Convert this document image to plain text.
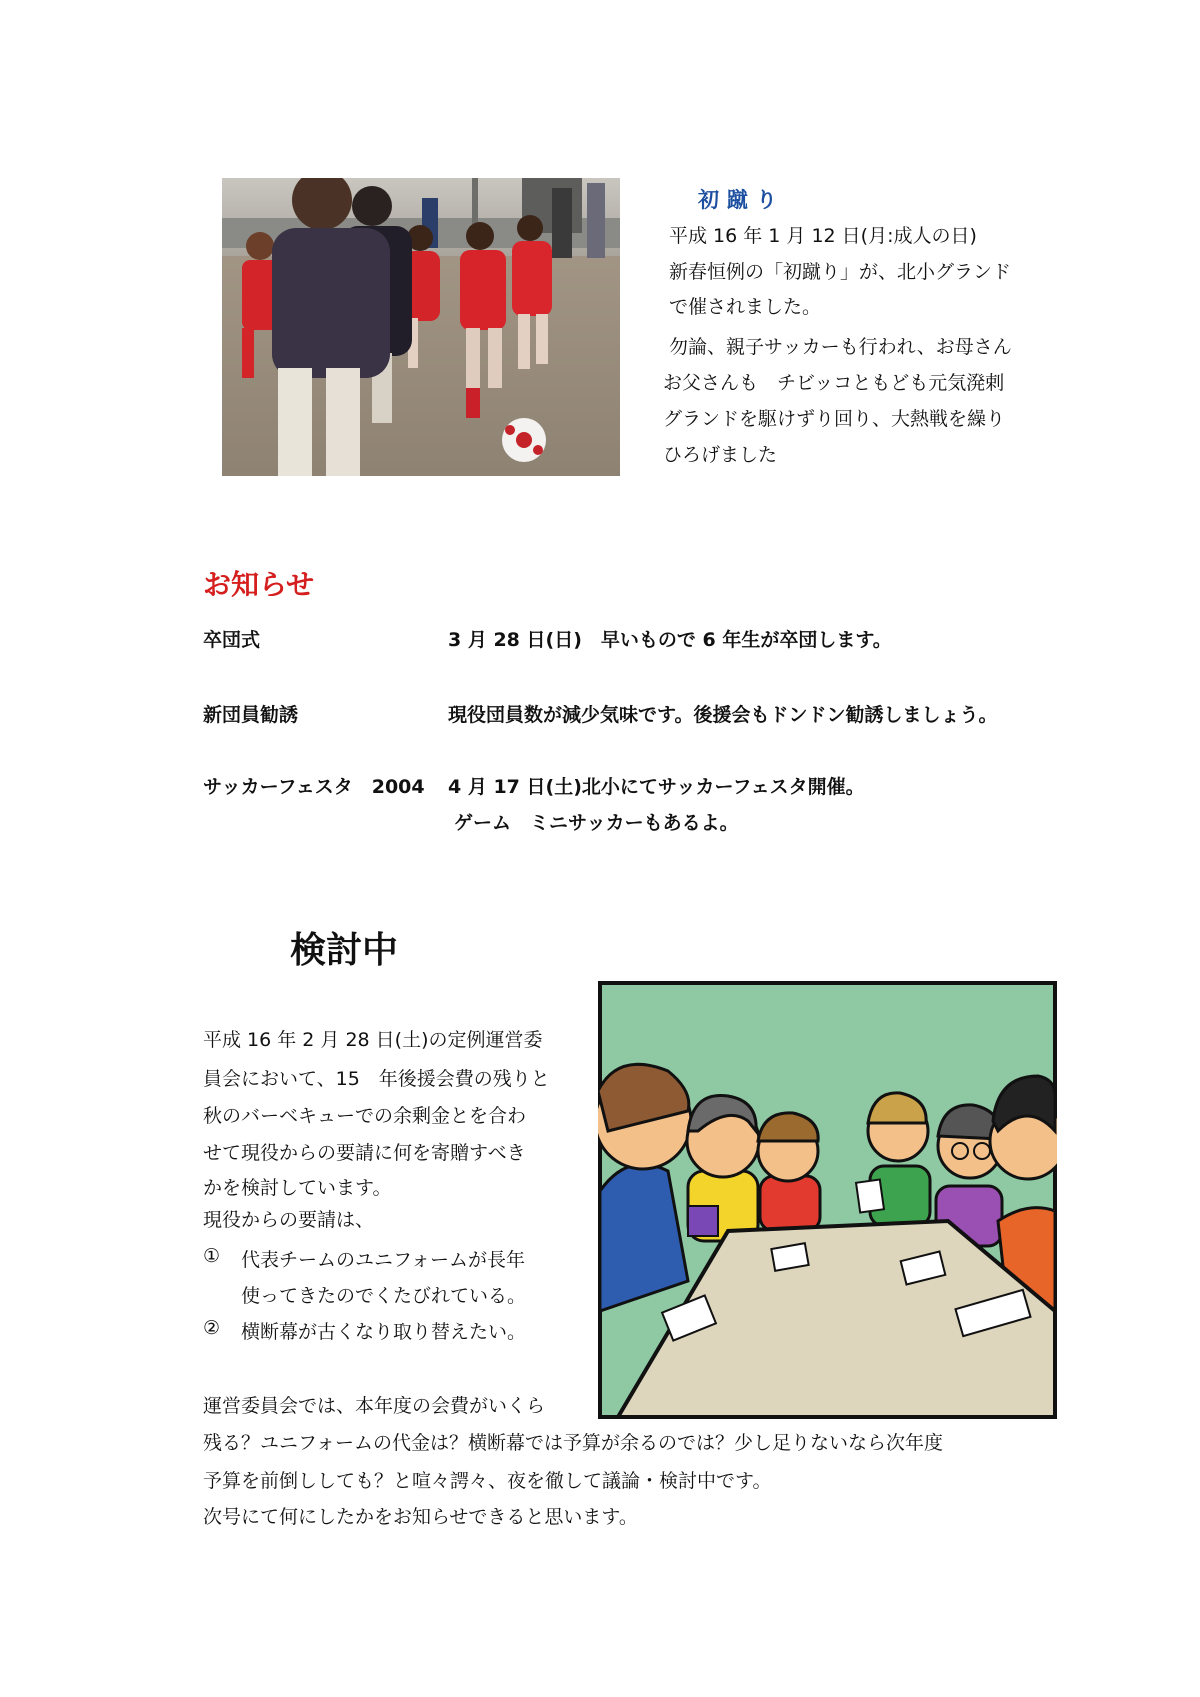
初蹴り
平成 16 年 1 月 12 日(月:成人の日)
新春恒例の「初蹴り」が、北小グランド
で催されました。
勿論、親子サッカーも行われ、お母さん
お父さんも　チビッコともども元気溌剌
グランドを駆けずり回り、大熱戦を繰り
ひろげました
お知らせ
卒団式	3 月 28 日(日)　早いもので 6 年生が卒団します。
新団員勧誘	現役団員数が減少気味です。後援会もドンドン勧誘しましょう。
サッカーフェスタ　2004 4 月 17 日(土)北小にてサッカーフェスタ開催。
ゲーム　ミニサッカーもあるよ。
検討中
平成 16 年 2 月 28 日(土)の定例運営委
員会において、15　年後援会費の残りと
秋のバーベキューでの余剰金とを合わ
せて現役からの要請に何を寄贈すべき
かを検討しています。
現役からの要請は、
① 代表チームのユニフォームが長年
使ってきたのでくたびれている。
② 横断幕が古くなり取り替えたい。
運営委員会では、本年度の会費がいくら
残る？ユニフォームの代金は？横断幕では予算が余るのでは？少し足りないなら次年度
予算を前倒ししても？と喧々諤々、夜を徹して議論・検討中です。
次号にて何にしたかをお知らせできると思います。
